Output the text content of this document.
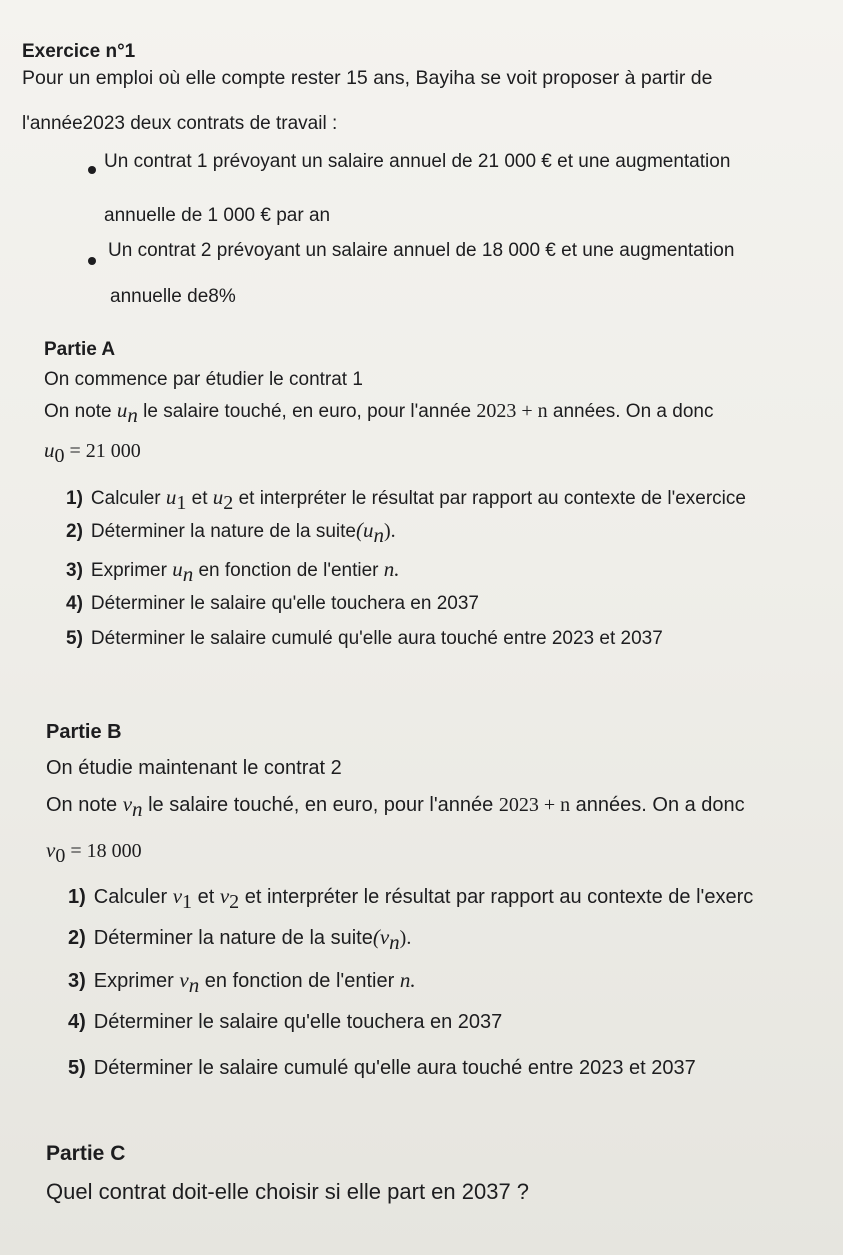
Exercice n°1
Pour un emploi où elle compte rester 15 ans, Bayiha se voit proposer à partir de
l'année2023 deux contrats de travail :
Un contrat 1 prévoyant un salaire annuel de 21 000 € et une augmentation
annuelle de 1 000 € par an
Un contrat 2 prévoyant un salaire annuel de 18 000 € et une augmentation
annuelle de8%
Partie A
On commence par étudier le contrat 1
On note $u_n$ le salaire touché, en euro, pour l'année 2023 + n années. On a donc
$u_0 = 21$ 000
1) Calculer $u_1$ et $u_2$ et interpréter le résultat par rapport au contexte de l'exercice
2) Déterminer la nature de la $suite(u_n)$.
3) Exprimer $u_n$ en fonction de l'entier n.
4) Déterminer le salaire qu'elle touchera en 2037
5) Déterminer le salaire cumulé qu'elle aura touché entre 2023 et 2037
Partie B
On étudie maintenant le contrat 2
On note $v_n$ le salaire touché, en euro, pour l'année 2023 + n années. On a donc
$v_0 = 18$ 000
1) Calculer $v_1$ et $v_2$ et interpréter le résultat par rapport au contexte de l'exerc
2) Déterminer la nature de la $suite(v_n)$.
3) Exprimer $v_n$ en fonction de l'entier n.
4) Déterminer le salaire qu'elle touchera en 2037
5) Déterminer le salaire cumulé qu'elle aura touché entre 2023 et 2037
Partie C
Quel contrat doit-elle choisir si elle part en 2037 ?
